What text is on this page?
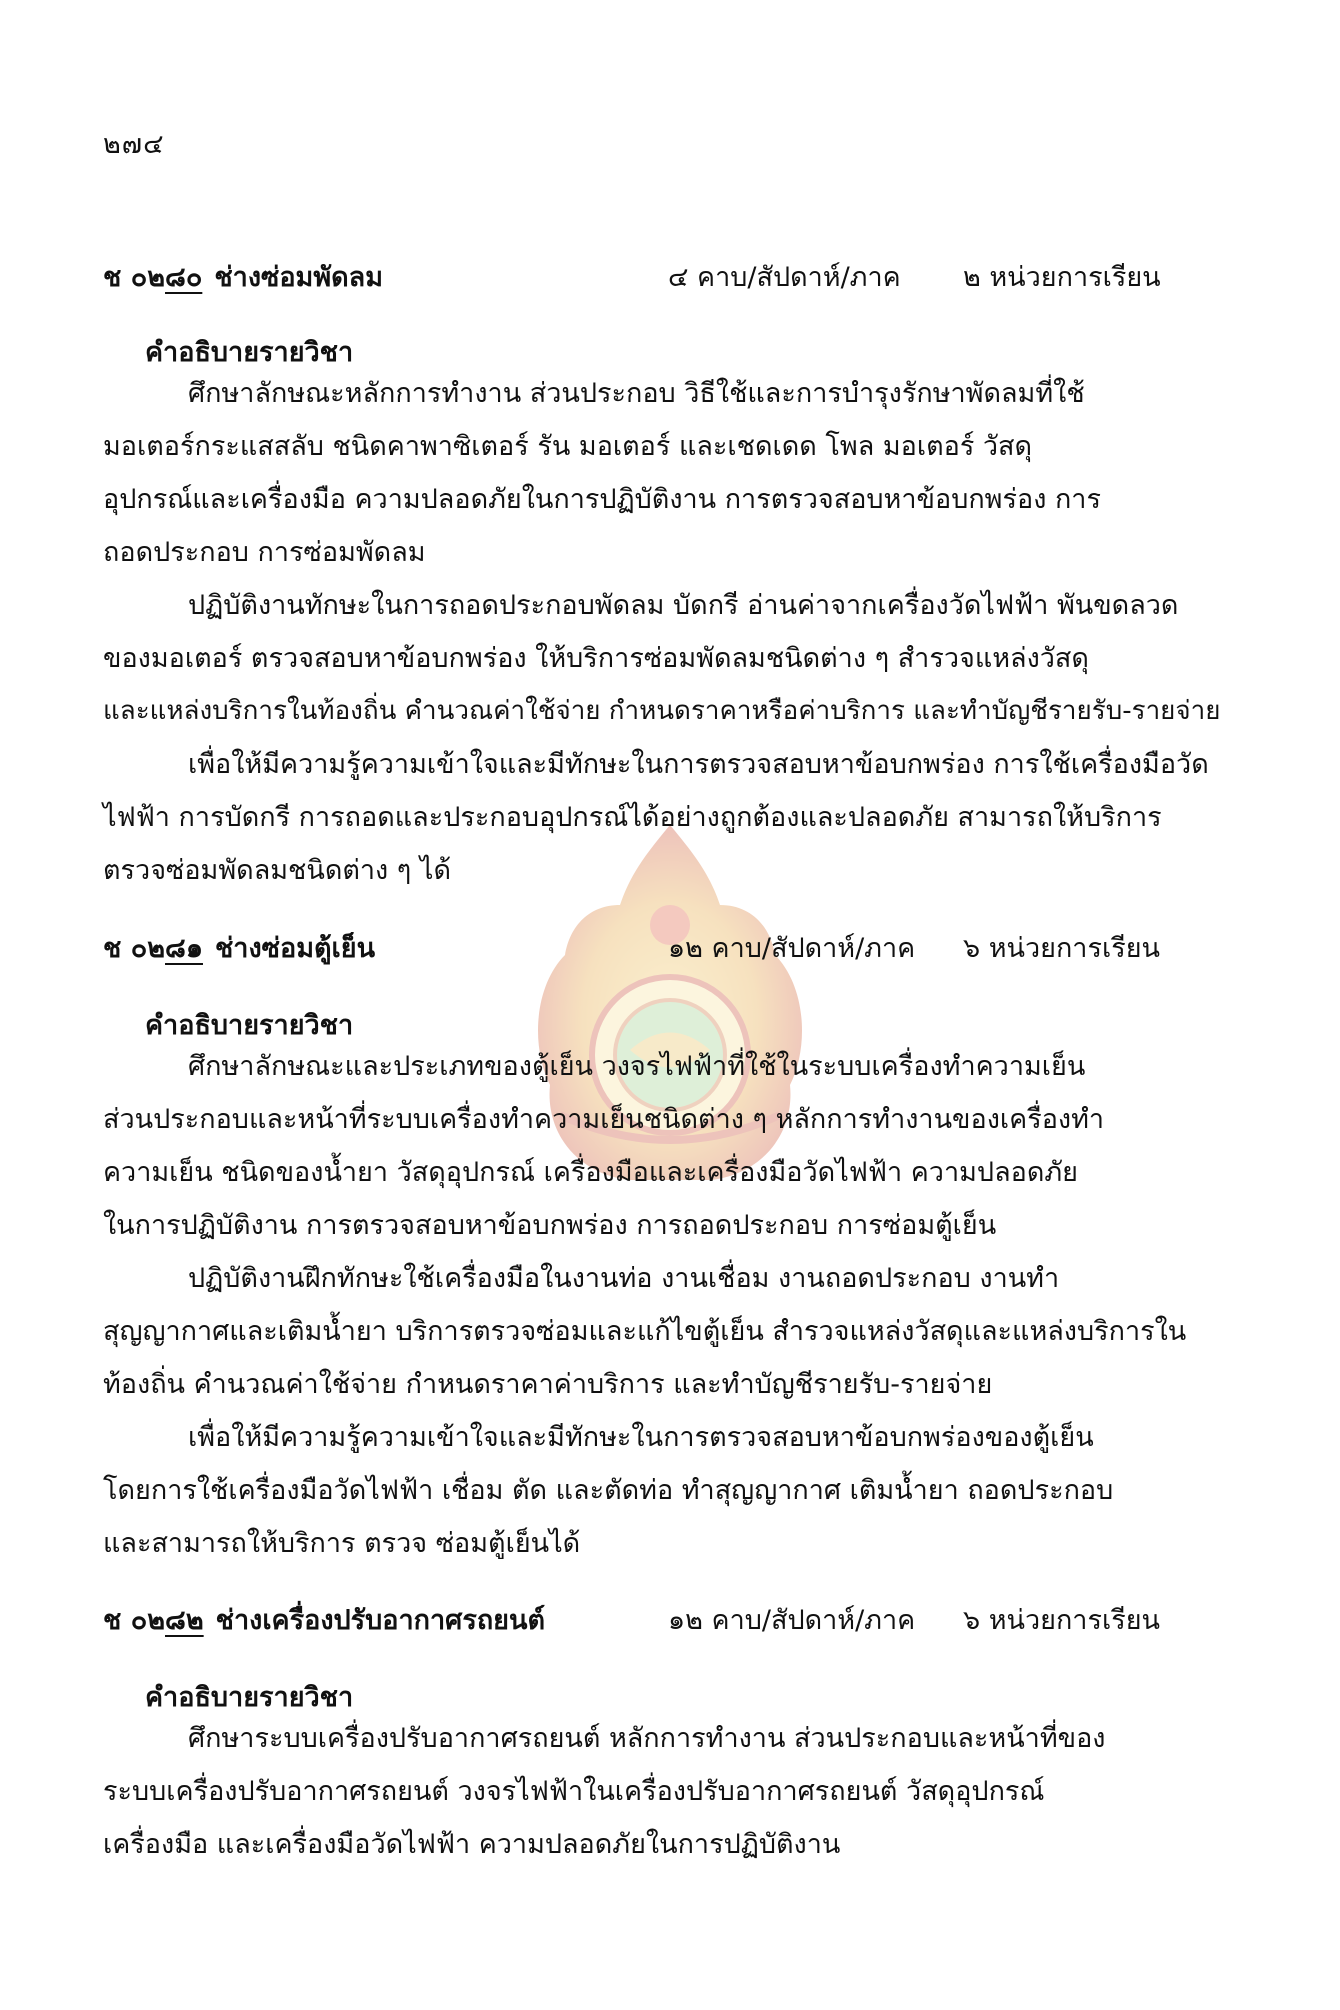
๒๗๔
ช ๐๒๘๐ ช่างซ่อมพัดลม	๔ คาบ/สัปดาห์/ภาค ๒ หน่วยการเรียน
คำอธิบายรายวิชา
ศึกษาลักษณะหลักการทำงาน ส่วนประกอบ วิธีใช้และการบำรุงรักษาพัดลมที่ใช้
มอเตอร์กระแสสลับ ชนิดคาพาซิเตอร์ รัน มอเตอร์ และเชดเดด โพล มอเตอร์ วัสดุ
อุปกรณ์และเครื่องมือ ความปลอดภัยในการปฏิบัติงาน การตรวจสอบหาข้อบกพร่อง การ
ถอดประกอบ การซ่อมพัดลม
ปฏิบัติงานทักษะในการถอดประกอบพัดลม บัดกรี อ่านค่าจากเครื่องวัดไฟฟ้า พันขดลวด
ของมอเตอร์ ตรวจสอบหาข้อบกพร่อง ให้บริการซ่อมพัดลมชนิดต่าง ๆ สำรวจแหล่งวัสดุ
และแหล่งบริการในท้องถิ่น คำนวณค่าใช้จ่าย กำหนดราคาหรือค่าบริการ และทำบัญชีรายรับ-รายจ่าย
เพื่อให้มีความรู้ความเข้าใจและมีทักษะในการตรวจสอบหาข้อบกพร่อง การใช้เครื่องมือวัด
ไฟฟ้า การบัดกรี การถอดและประกอบอุปกรณ์ได้อย่างถูกต้องและปลอดภัย สามารถให้บริการ
ตรวจซ่อมพัดลมชนิดต่าง ๆ ได้
ช ๐๒๘๑ ช่างซ่อมตู้เย็น	๑๒ คาบ/สัปดาห์/ภาค ๖ หน่วยการเรียน
คำอธิบายรายวิชา
ศึกษาลักษณะและประเภทของตู้เย็น วงจรไฟฟ้าที่ใช้ในระบบเครื่องทำความเย็น
ส่วนประกอบและหน้าที่ระบบเครื่องทำความเย็นชนิดต่าง ๆ หลักการทำงานของเครื่องทำ
ความเย็น ชนิดของน้ำยา วัสดุอุปกรณ์ เครื่องมือและเครื่องมือวัดไฟฟ้า ความปลอดภัย
ในการปฏิบัติงาน การตรวจสอบหาข้อบกพร่อง การถอดประกอบ การซ่อมตู้เย็น
ปฏิบัติงานฝึกทักษะใช้เครื่องมือในงานท่อ งานเชื่อม งานถอดประกอบ งานทำ
สุญญากาศและเติมน้ำยา บริการตรวจซ่อมและแก้ไขตู้เย็น สำรวจแหล่งวัสดุและแหล่งบริการใน
ท้องถิ่น คำนวณค่าใช้จ่าย กำหนดราคาค่าบริการ และทำบัญชีรายรับ-รายจ่าย
เพื่อให้มีความรู้ความเข้าใจและมีทักษะในการตรวจสอบหาข้อบกพร่องของตู้เย็น
โดยการใช้เครื่องมือวัดไฟฟ้า เชื่อม ตัด และตัดท่อ ทำสุญญากาศ เติมน้ำยา ถอดประกอบ
และสามารถให้บริการ ตรวจ ซ่อมตู้เย็นได้
ช ๐๒๘๒ ช่างเครื่องปรับอากาศรถยนต์	๑๒ คาบ/สัปดาห์/ภาค ๖ หน่วยการเรียน
คำอธิบายรายวิชา
ศึกษาระบบเครื่องปรับอากาศรถยนต์ หลักการทำงาน ส่วนประกอบและหน้าที่ของ
ระบบเครื่องปรับอากาศรถยนต์ วงจรไฟฟ้าในเครื่องปรับอากาศรถยนต์ วัสดุอุปกรณ์
เครื่องมือ และเครื่องมือวัดไฟฟ้า ความปลอดภัยในการปฏิบัติงาน
